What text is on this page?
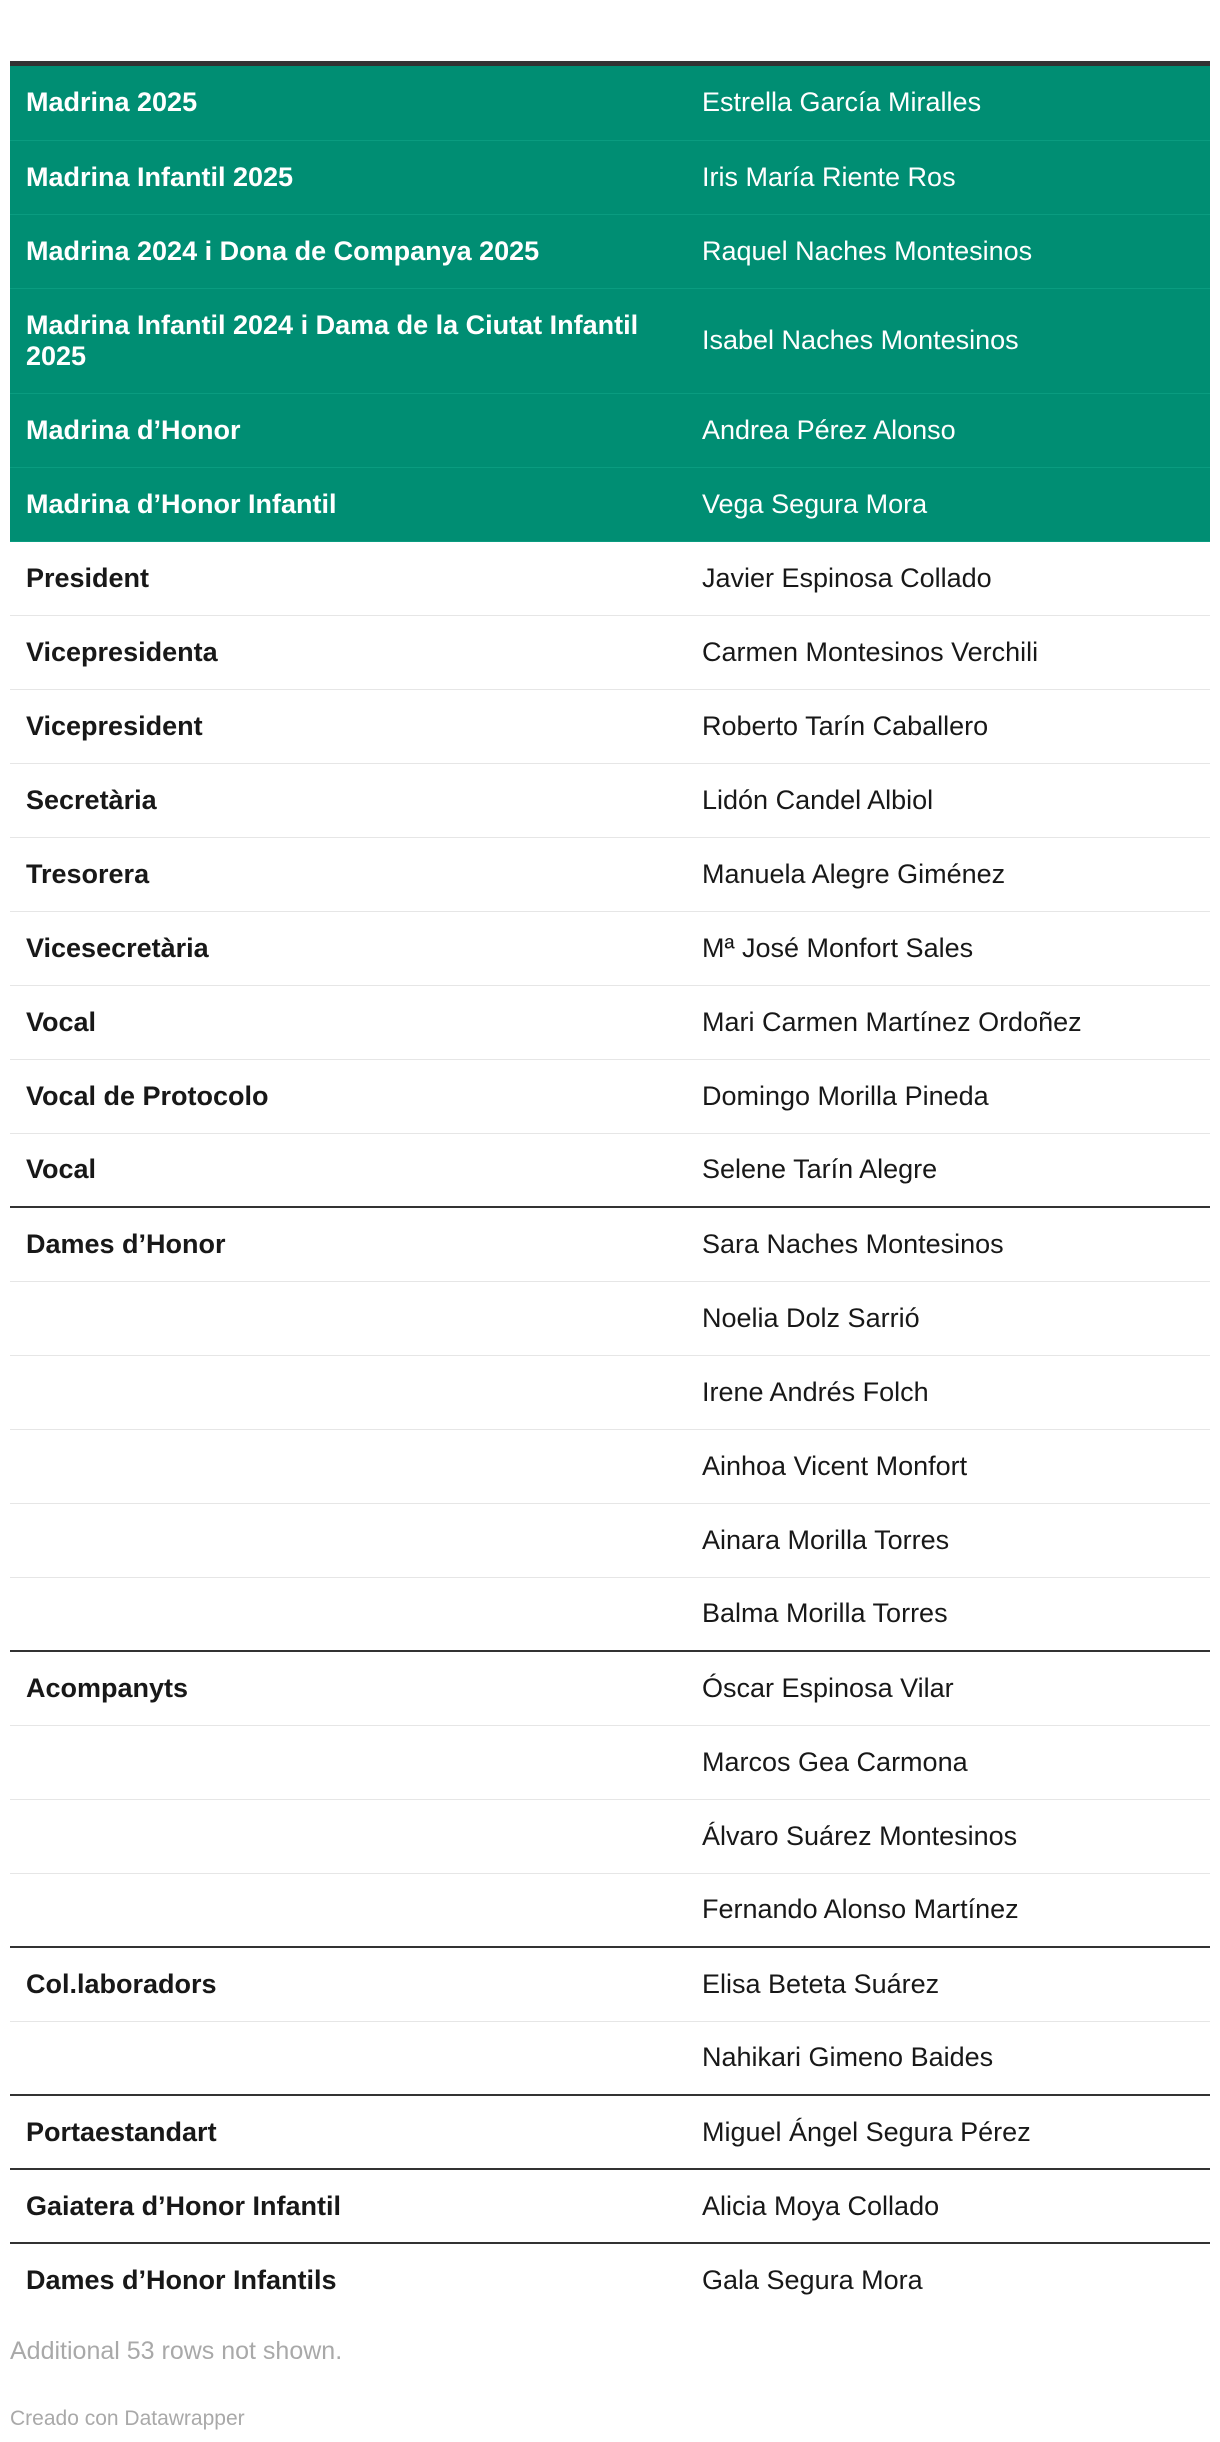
Madrina 2025	Estrella García Miralles
Madrina Infantil 2025	Iris María Riente Ros
Madrina 2024 i Dona de Companya 2025	Raquel Naches Montesinos
Madrina Infantil 2024 i Dama de la Ciutat Infantil 2025	Isabel Naches Montesinos
Madrina d’Honor	Andrea Pérez Alonso
Madrina d’Honor Infantil	Vega Segura Mora
President	Javier Espinosa Collado
Vicepresidenta	Carmen Montesinos Verchili
Vicepresident	Roberto Tarín Caballero
Secretària	Lidón Candel Albiol
Tresorera	Manuela Alegre Giménez
Vicesecretària	Mª José Monfort Sales
Vocal	Mari Carmen Martínez Ordoñez
Vocal de Protocolo	Domingo Morilla Pineda
Vocal	Selene Tarín Alegre
Dames d’Honor	Sara Naches Montesinos
	Noelia Dolz Sarrió
	Irene Andrés Folch
	Ainhoa Vicent Monfort
	Ainara Morilla Torres
	Balma Morilla Torres
Acompanyts	Óscar Espinosa Vilar
	Marcos Gea Carmona
	Álvaro Suárez Montesinos
	Fernando Alonso Martínez
Col.laboradors	Elisa Beteta Suárez
	Nahikari Gimeno Baides
Portaestandart	Miguel Ángel Segura Pérez
Gaiatera d’Honor Infantil	Alicia Moya Collado
Dames d’Honor Infantils	Gala Segura Mora
Additional 53 rows not shown.
Creado con Datawrapper
